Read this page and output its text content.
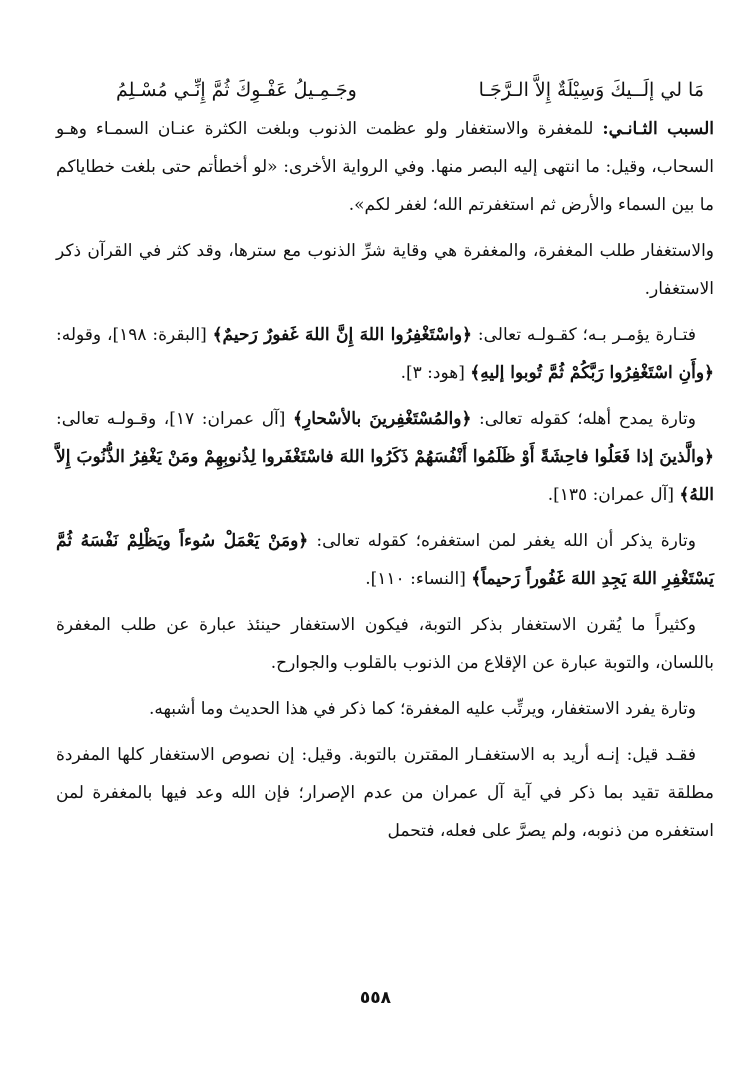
مَا لي إلَــيكَ وَسِيْلَةٌ إِلاَّ الـرَّجَـا
وجَـمِـيلُ عَفْـوِكَ ثُمَّ إِنِّـي مُسْـلِمُ

السبب الثـانـي: للمغفرة والاستغفار ولو عظمت الذنوب وبلغت الكثرة عنـان السمـاء وهـو السحاب، وقيل: ما انتهى إليه البصر منها. وفي الرواية الأخرى: «لو أخطأتم حتى بلغت خطاياكم ما بين السماء والأرض ثم استغفرتم الله؛ لغفر لكم».

والاستغفار طلب المغفرة، والمغفرة هي وقاية شرِّ الذنوب مع سترها، وقد كثر في القرآن ذكر الاستغفار.

فتـارة يؤمـر بـه؛ كقـولـه تعالى: ﴿واسْتَغْفِرُوا اللهَ إِنَّ اللهَ غَفورٌ رَحيمٌ﴾ [البقرة: ١٩٨]، وقوله: ﴿وأَنِ اسْتَغْفِرُوا رَبَّكُمْ ثُمَّ تُوبوا إليهِ﴾ [هود: ٣].

وتارة يمدح أهله؛ كقوله تعالى: ﴿والمُسْتَغْفِرينَ بالأسْحارِ﴾ [آل عمران: ١٧]، وقـولـه تعالى: ﴿والَّذينَ إذا فَعَلُوا فاحِشَةً أَوْ ظَلَمُوا أَنْفُسَهُمْ ذَكَرُوا اللهَ فاسْتَغْفَروا لِذُنوبِهِمْ ومَنْ يَغْفِرُ الذُّنُوبَ إِلاَّ اللهُ﴾ [آل عمران: ١٣٥].

وتارة يذكر أن الله يغفر لمن استغفره؛ كقوله تعالى: ﴿ومَنْ يَعْمَلْ سُوءاً ويَظْلِمْ نَفْسَهُ ثُمَّ يَسْتَغْفِرِ اللهَ يَجِدِ اللهَ غَفُوراً رَحيماً﴾ [النساء: ١١٠].

وكثيراً ما يُقرن الاستغفار بذكر التوبة، فيكون الاستغفار حينئذ عبارة عن طلب المغفرة باللسان، والتوبة عبارة عن الإقلاع من الذنوب بالقلوب والجوارح.

وتارة يفرد الاستغفار، ويرتِّب عليه المغفرة؛ كما ذكر في هذا الحديث وما أشبهه.

فقـد قيل: إنـه أريد به الاستغفـار المقترن بالتوبة. وقيل: إن نصوص الاستغفار كلها المفردة مطلقة تقيد بما ذكر في آية آل عمران من عدم الإصرار؛ فإن الله وعد فيها بالمغفرة لمن استغفره من ذنوبه، ولم يصرَّ على فعله، فتحمل

٥٥٨
